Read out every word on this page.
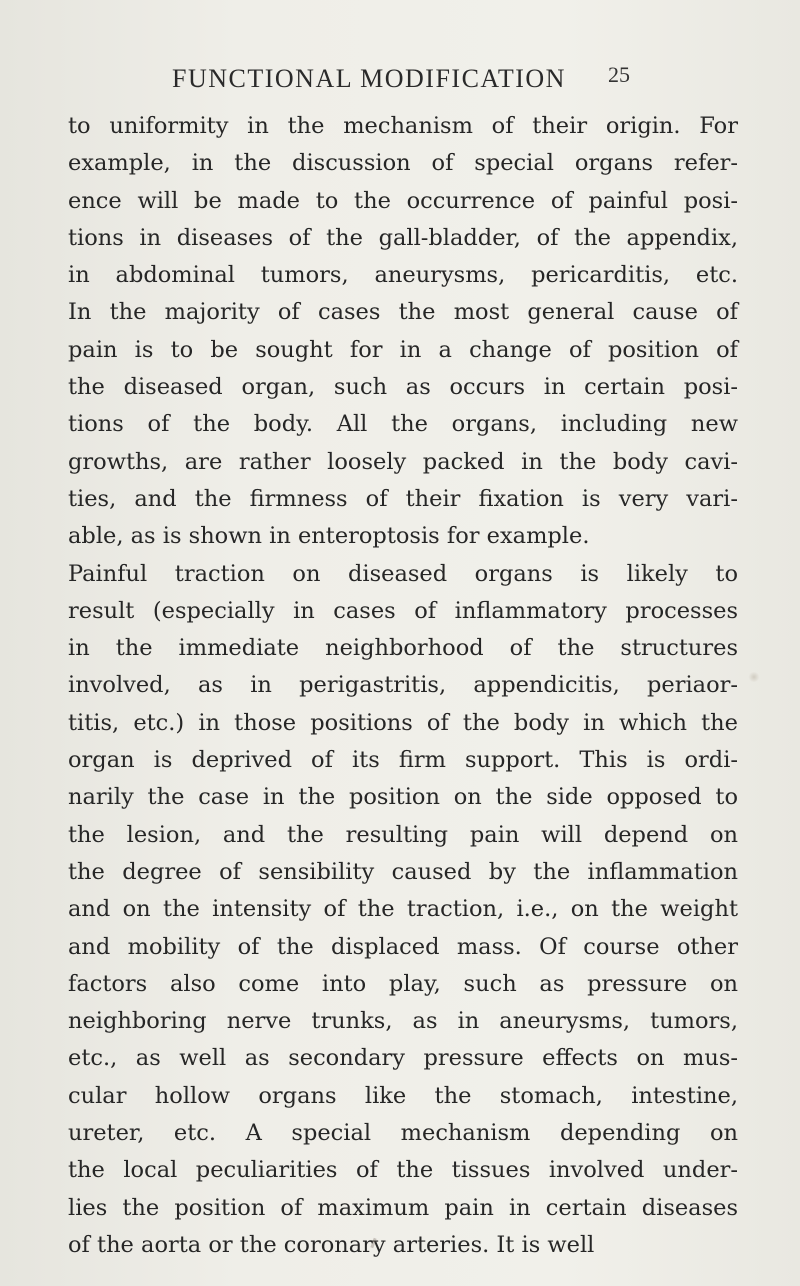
FUNCTIONAL MODIFICATION 25
to uniformity in the mechanism of their origin. For
example, in the discussion of special organs refer-
ence will be made to the occurrence of painful posi-
tions in diseases of the gall-bladder, of the appendix,
in abdominal tumors, aneurysms, pericarditis, etc.
In the majority of cases the most general cause of
pain is to be sought for in a change of position of
the diseased organ, such as occurs in certain posi-
tions of the body. All the organs, including new
growths, are rather loosely packed in the body cavi-
ties, and the firmness of their fixation is very vari-
able, as is shown in enteroptosis for example.
Painful traction on diseased organs is likely to
result (especially in cases of inflammatory processes
in the immediate neighborhood of the structures
involved, as in perigastritis, appendicitis, periaor-
titis, etc.) in those positions of the body in which the
organ is deprived of its firm support. This is ordi-
narily the case in the position on the side opposed to
the lesion, and the resulting pain will depend on
the degree of sensibility caused by the inflammation
and on the intensity of the traction, i.e., on the weight
and mobility of the displaced mass. Of course other
factors also come into play, such as pressure on
neighboring nerve trunks, as in aneurysms, tumors,
etc., as well as secondary pressure effects on mus-
cular hollow organs like the stomach, intestine,
ureter, etc. A special mechanism depending on
the local peculiarities of the tissues involved under-
lies the position of maximum pain in certain diseases
of the aorta or the coronary arteries. It is well
